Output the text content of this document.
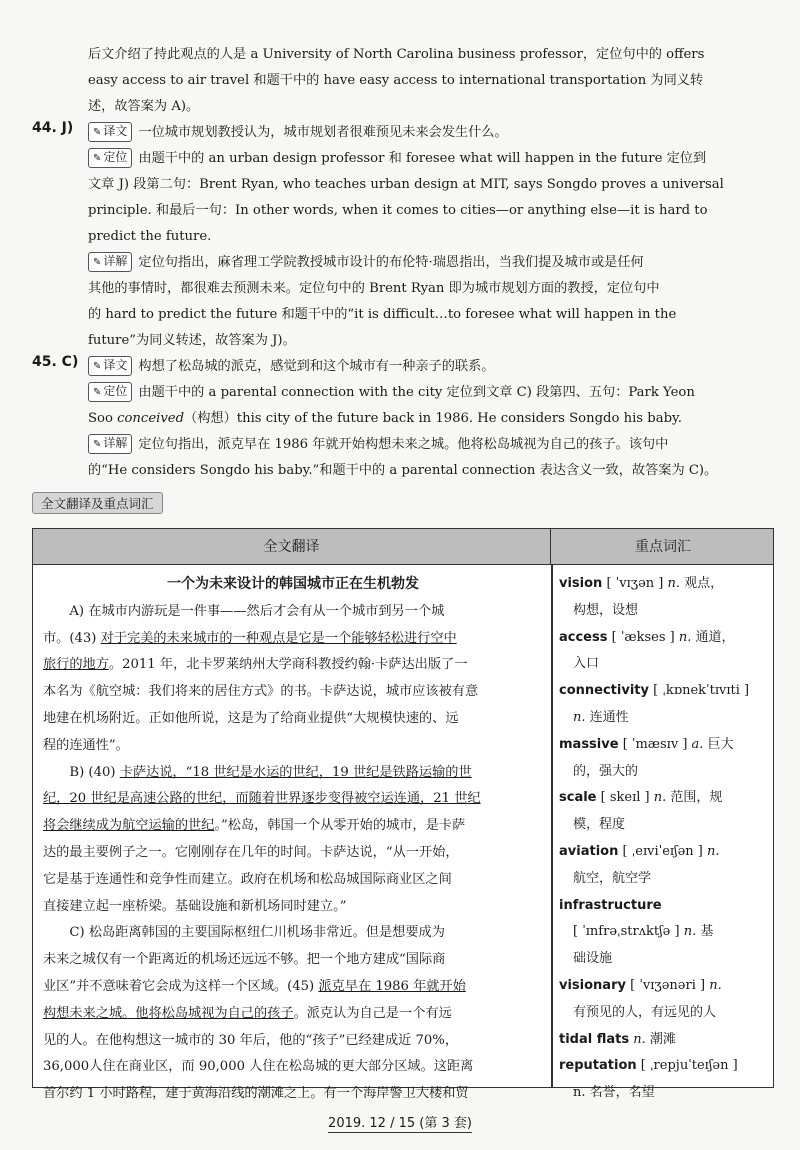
后文介绍了持此观点的人是 a University of North Carolina business professor，定位句中的 offers
easy access to air travel 和题干中的 have easy access to international transportation 为同义转
述，故答案为 A)。
44. J)	✎ 译文 一位城市规划教授认为，城市规划者很难预见未来会发生什么。
✎ 定位 由题干中的 an urban design professor 和 foresee what will happen in the future 定位到
文章 J) 段第二句：Brent Ryan, who teaches urban design at MIT, says Songdo proves a universal
principle. 和最后一句：In other words, when it comes to cities—or anything else—it is hard to
predict the future.
✎ 详解 定位句指出，麻省理工学院教授城市设计的布伦特·瑞恩指出，当我们提及城市或是任何
其他的事情时，都很难去预测未来。定位句中的 Brent Ryan 即为城市规划方面的教授，定位句中
的 hard to predict the future 和题干中的“it is difficult…to foresee what will happen in the
future”为同义转述，故答案为 J)。
45. C)	✎ 译文 构想了松岛城的派克，感觉到和这个城市有一种亲子的联系。
✎ 定位 由题干中的 a parental connection with the city 定位到文章 C) 段第四、五句：Park Yeon
Soo conceived（构想）this city of the future back in 1986. He considers Songdo his baby.
✎ 详解 定位句指出，派克早在 1986 年就开始构想未来之城。他将松岛城视为自己的孩子。该句中
的“He considers Songdo his baby.”和题干中的 a parental connection 表达含义一致，故答案为 C)。
全文翻译及重点词汇
全文翻译	重点词汇
一个为未来设计的韩国城市正在生机勃发
A) 在城市内游玩是一件事——然后才会有从一个城市到另一个城
市。(43) 对于完美的未来城市的一种观点是它是一个能够轻松进行空中
旅行的地方。2011 年，北卡罗莱纳州大学商科教授约翰·卡萨达出版了一
本名为《航空城：我们将来的居住方式》的书。卡萨达说，城市应该被有意
地建在机场附近。正如他所说，这是为了给商业提供“大规模快速的、远
程的连通性”。
B) (40) 卡萨达说，“18 世纪是水运的世纪，19 世纪是铁路运输的世
纪，20 世纪是高速公路的世纪，而随着世界逐步变得被空运连通，21 世纪
将会继续成为航空运输的世纪。”松岛，韩国一个从零开始的城市，是卡萨
达的最主要例子之一。它刚刚存在几年的时间。卡萨达说，“从一开始，
它是基于连通性和竞争性而建立。政府在机场和松岛城国际商业区之间
直接建立起一座桥梁。基础设施和新机场同时建立。”
C) 松岛距离韩国的主要国际枢纽仁川机场非常近。但是想要成为
未来之城仅有一个距离近的机场还远远不够。把一个地方建成“国际商
业区”并不意味着它会成为这样一个区域。(45) 派克早在 1986 年就开始
构想未来之城。他将松岛城视为自己的孩子。派克认为自己是一个有远
见的人。在他构想这一城市的 30 年后，他的“孩子”已经建成近 70%，
36,000人住在商业区，而 90,000 人住在松岛城的更大部分区域。这距离
首尔约 1 小时路程，建于黄海沿线的潮滩之上。有一个海岸警卫大楼和贸
vision [ ˈvɪʒən ] n. 观点，
构想，设想
access [ ˈækses ] n. 通道，
入口
connectivity [ ˌkɒnekˈtɪvɪti ]
n. 连通性
massive [ ˈmæsɪv ] a. 巨大
的，强大的
scale [ skeɪl ] n. 范围，规
模，程度
aviation [ ˌeɪviˈeɪʃən ] n.
航空，航空学
infrastructure
[ ˈɪnfrəˌstrʌktʃə ] n. 基
础设施
visionary [ ˈvɪʒənəri ] n.
有预见的人，有远见的人
tidal flats n. 潮滩
reputation [ ˌrepjuˈteɪʃən ]
n. 名誉，名望
2019. 12 / 15 (第 3 套)
